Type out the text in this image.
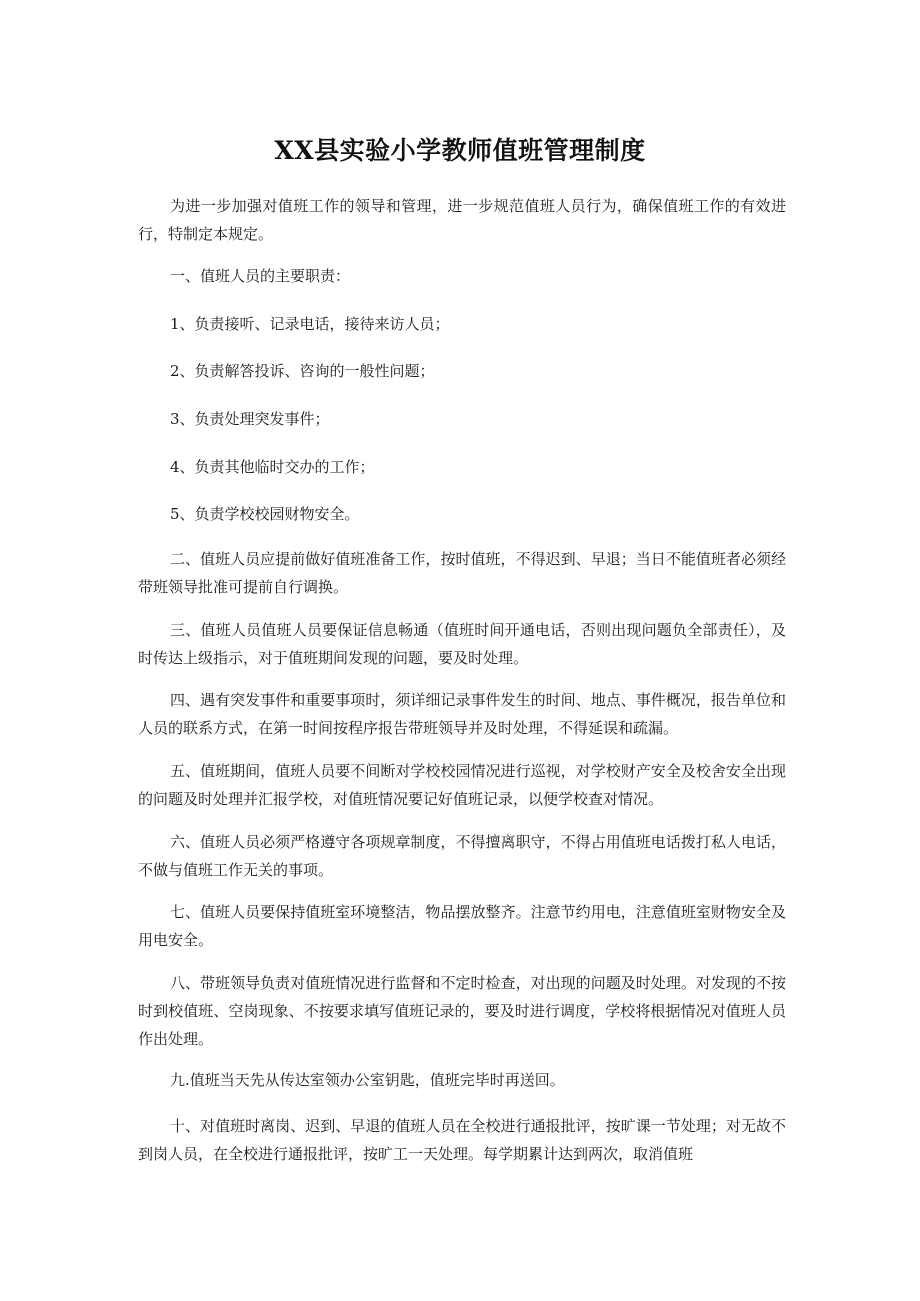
XX县实验小学教师值班管理制度

为进一步加强对值班工作的领导和管理，进一步规范值班人员行为，确保值班工作的有效进行，特制定本规定。

一、值班人员的主要职责：

1、负责接听、记录电话，接待来访人员；

2、负责解答投诉、咨询的一般性问题；

3、负责处理突发事件；

4、负责其他临时交办的工作；

5、负责学校校园财物安全。

二、值班人员应提前做好值班准备工作，按时值班，不得迟到、早退；当日不能值班者必须经带班领导批准可提前自行调换。

三、值班人员值班人员要保证信息畅通（值班时间开通电话，否则出现问题负全部责任），及时传达上级指示，对于值班期间发现的问题，要及时处理。

四、遇有突发事件和重要事项时，须详细记录事件发生的时间、地点、事件概况，报告单位和人员的联系方式，在第一时间按程序报告带班领导并及时处理，不得延误和疏漏。

五、值班期间，值班人员要不间断对学校校园情况进行巡视，对学校财产安全及校舍安全出现的问题及时处理并汇报学校，对值班情况要记好值班记录，以便学校查对情况。

六、值班人员必须严格遵守各项规章制度，不得擅离职守，不得占用值班电话拨打私人电话，不做与值班工作无关的事项。

七、值班人员要保持值班室环境整洁，物品摆放整齐。注意节约用电，注意值班室财物安全及用电安全。

八、带班领导负责对值班情况进行监督和不定时检查，对出现的问题及时处理。对发现的不按时到校值班、空岗现象、不按要求填写值班记录的，要及时进行调度，学校将根据情况对值班人员作出处理。

九.值班当天先从传达室领办公室钥匙，值班完毕时再送回。

十、对值班时离岗、迟到、早退的值班人员在全校进行通报批评，按旷课一节处理；对无故不到岗人员，在全校进行通报批评，按旷工一天处理。每学期累计达到两次，取消值班
